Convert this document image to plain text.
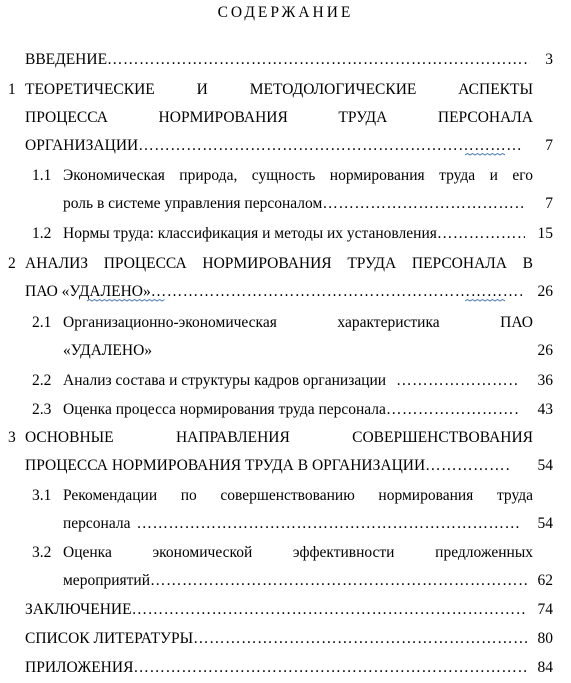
СОДЕРЖАНИЕ
ВВЕДЕНИЕ …………………………………………………………………………………………………………………………………………………………………………………………………………………………	3
1 ТЕОРЕТИЧЕСКИЕ И МЕТОДОЛОГИЧЕСКИЕ АСПЕКТЫ
ПРОЦЕССА НОРМИРОВАНИЯ ТРУДА ПЕРСОНАЛА
ОРГАНИЗАЦИИ …………………………………………………………………………………………………………………………………………………………………………………………………………………………	7
1.1 Экономическая природа, сущность нормирования труда и его
роль в системе управления персоналом …………………………………………………………………………………………………………………………………………………………………………………………………………………………	7
1.2 Нормы труда: классификация и методы их установления …………………………………………………………………………………………………………………………………………………………………………………………………………………………	15
2 АНАЛИЗ ПРОЦЕССА НОРМИРОВАНИЯ ТРУДА ПЕРСОНАЛА В
ПАО «УДАЛЕНО» …………………………………………………………………………………………………………………………………………………………………………………………………………………………	26
2.1 Организационно-экономическая характеристика ПАО
«УДАЛЕНО»	26
2.2 Анализ состава и структуры кадров организации …………………………………………………………………………………………………………………………………………………………………………………………………………………………	36
2.3 Оценка процесса нормирования труда персонала …………………………………………………………………………………………………………………………………………………………………………………………………………………………	43
3 ОСНОВНЫЕ НАПРАВЛЕНИЯ СОВЕРШЕНСТВОВАНИЯ
ПРОЦЕССА НОРМИРОВАНИЯ ТРУДА В ОРГАНИЗАЦИИ …………………………………………………………………………………………………………………………………………………………………………………………………………………………	54
3.1 Рекомендации по совершенствованию нормирования труда
персонала …………………………………………………………………………………………………………………………………………………………………………………………………………………………	54
3.2 Оценка экономической эффективности предложенных
мероприятий …………………………………………………………………………………………………………………………………………………………………………………………………………………………	62
ЗАКЛЮЧЕНИЕ …………………………………………………………………………………………………………………………………………………………………………………………………………………………	74
СПИСОК ЛИТЕРАТУРЫ …………………………………………………………………………………………………………………………………………………………………………………………………………………………	80
ПРИЛОЖЕНИЯ …………………………………………………………………………………………………………………………………………………………………………………………………………………………	84
